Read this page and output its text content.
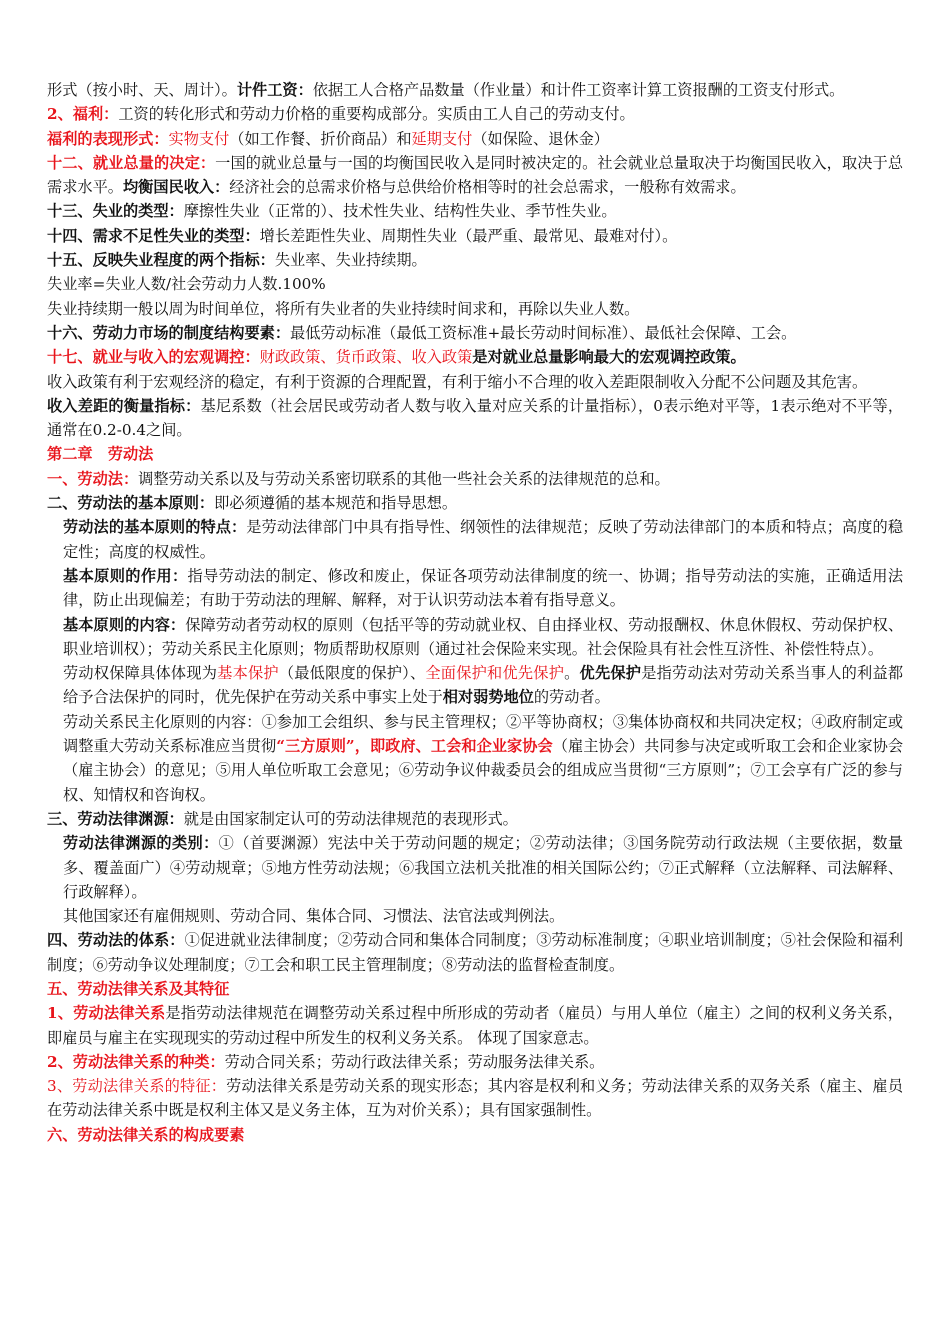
形式（按小时、天、周计）。计件工资：依据工人合格产品数量（作业量）和计件工资率计算工资报酬的工资支付形式。

2、福利：工资的转化形式和劳动力价格的重要构成部分。实质由工人自己的劳动支付。

福利的表现形式：实物支付（如工作餐、折价商品）和延期支付（如保险、退休金）

十二、就业总量的决定：一国的就业总量与一国的均衡国民收入是同时被决定的。社会就业总量取决于均衡国民收入，取决于总需求水平。均衡国民收入：经济社会的总需求价格与总供给价格相等时的社会总需求，一般称有效需求。

十三、失业的类型：摩擦性失业（正常的）、技术性失业、结构性失业、季节性失业。

十四、需求不足性失业的类型：增长差距性失业、周期性失业（最严重、最常见、最难对付）。

十五、反映失业程度的两个指标：失业率、失业持续期。

失业率=失业人数/社会劳动力人数.100%

失业持续期一般以周为时间单位，将所有失业者的失业持续时间求和，再除以失业人数。

十六、劳动力市场的制度结构要素：最低劳动标准（最低工资标准+最长劳动时间标准）、最低社会保障、工会。

十七、就业与收入的宏观调控：财政政策、货币政策、收入政策是对就业总量影响最大的宏观调控政策。

收入政策有利于宏观经济的稳定，有利于资源的合理配置，有利于缩小不合理的收入差距限制收入分配不公问题及其危害。

收入差距的衡量指标：基尼系数（社会居民或劳动者人数与收入量对应关系的计量指标），0表示绝对平等，1表示绝对不平等，通常在0.2-0.4之间。

第二章　劳动法

一、劳动法：调整劳动关系以及与劳动关系密切联系的其他一些社会关系的法律规范的总和。

二、劳动法的基本原则：即必须遵循的基本规范和指导思想。

劳动法的基本原则的特点：是劳动法律部门中具有指导性、纲领性的法律规范；反映了劳动法律部门的本质和特点；高度的稳定性；高度的权威性。

基本原则的作用：指导劳动法的制定、修改和废止，保证各项劳动法律制度的统一、协调；指导劳动法的实施，正确适用法律，防止出现偏差；有助于劳动法的理解、解释，对于认识劳动法本着有指导意义。

基本原则的内容：保障劳动者劳动权的原则（包括平等的劳动就业权、自由择业权、劳动报酬权、休息休假权、劳动保护权、职业培训权）；劳动关系民主化原则；物质帮助权原则（通过社会保险来实现。社会保险具有社会性互济性、补偿性特点）。

劳动权保障具体体现为基本保护（最低限度的保护）、全面保护和优先保护。优先保护是指劳动法对劳动关系当事人的利益都给予合法保护的同时，优先保护在劳动关系中事实上处于相对弱势地位的劳动者。

劳动关系民主化原则的内容：①参加工会组织、参与民主管理权；②平等协商权；③集体协商权和共同决定权；④政府制定或调整重大劳动关系标准应当贯彻“三方原则”，即政府、工会和企业家协会（雇主协会）共同参与决定或听取工会和企业家协会（雇主协会）的意见；⑤用人单位听取工会意见；⑥劳动争议仲裁委员会的组成应当贯彻“三方原则”；⑦工会享有广泛的参与权、知情权和咨询权。

三、劳动法律渊源：就是由国家制定认可的劳动法律规范的表现形式。

劳动法律渊源的类别：①（首要渊源）宪法中关于劳动问题的规定；②劳动法律；③国务院劳动行政法规（主要依据，数量多、覆盖面广）④劳动规章；⑤地方性劳动法规；⑥我国立法机关批准的相关国际公约；⑦正式解释（立法解释、司法解释、行政解释）。

其他国家还有雇佣规则、劳动合同、集体合同、习惯法、法官法或判例法。

四、劳动法的体系：①促进就业法律制度；②劳动合同和集体合同制度；③劳动标准制度；④职业培训制度；⑤社会保险和福利制度；⑥劳动争议处理制度；⑦工会和职工民主管理制度；⑧劳动法的监督检查制度。

五、劳动法律关系及其特征

1、劳动法律关系是指劳动法律规范在调整劳动关系过程中所形成的劳动者（雇员）与用人单位（雇主）之间的权利义务关系，即雇员与雇主在实现现实的劳动过程中所发生的权利义务关系。 体现了国家意志。

2、劳动法律关系的种类：劳动合同关系；劳动行政法律关系；劳动服务法律关系。

3、劳动法律关系的特征：劳动法律关系是劳动关系的现实形态；其内容是权利和义务；劳动法律关系的双务关系（雇主、雇员在劳动法律关系中既是权利主体又是义务主体，互为对价关系）；具有国家强制性。

六、劳动法律关系的构成要素
